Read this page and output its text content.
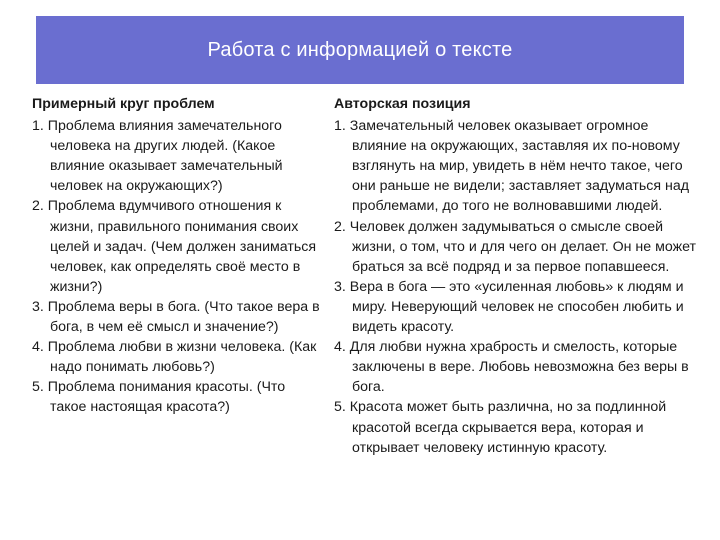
Работа с информацией о тексте
Примерный круг проблем
1. Проблема влияния замечательного человека на других людей. (Какое влияние оказывает замечательный человек на окружающих?)
2. Проблема вдумчивого отношения к жизни, правильного понимания своих целей и задач. (Чем должен заниматься человек, как определять своё место в жизни?)
3. Проблема веры в бога. (Что такое вера в бога, в чем её смысл и значение?)
4. Проблема любви в жизни человека. (Как надо понимать любовь?)
5. Проблема понимания красоты. (Что такое настоящая красота?)
Авторская позиция
1. Замечательный человек оказывает огромное влияние на окружающих, заставляя их по-новому взглянуть на мир, увидеть в нём нечто такое, чего они раньше не видели; заставляет задуматься над проблемами, до того не волновавшими людей.
2. Человек должен задумываться о смысле своей жизни, о том, что и для чего он делает. Он не может браться за всё подряд и за первое попавшееся.
3. Вера в бога — это «усиленная любовь» к людям и миру. Неверующий человек не способен любить и видеть красоту.
4. Для любви нужна храбрость и смелость, которые заключены в вере. Любовь невозможна без веры в бога.
5. Красота может быть различна, но за подлинной красотой всегда скрывается вера, которая и открывает человеку истинную красоту.
